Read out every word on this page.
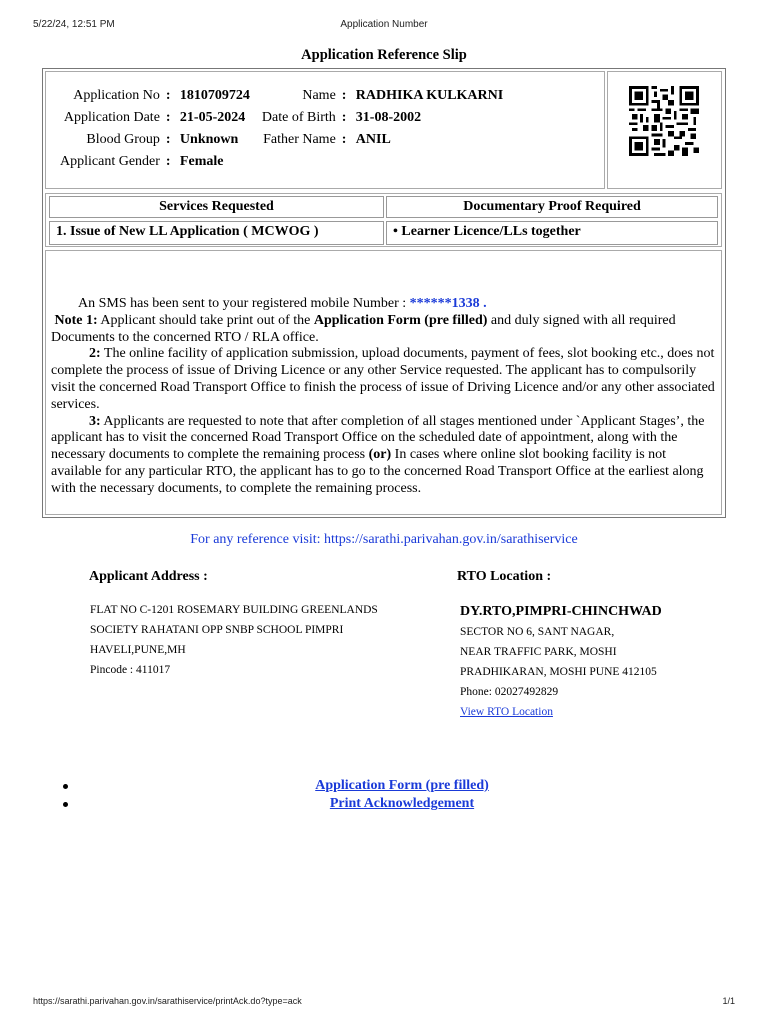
5/22/24, 12:51 PM	Application Number
Application Reference Slip
Application No	:	1810709724	Name	:	RADHIKA KULKARNI
Application Date	:	21-05-2024	Date of Birth	:	31-08-2002
Blood Group	:	Unknown	Father Name	:	ANIL
Applicant Gender	:	Female			
Services Requested	Documentary Proof Required
1. Issue of New LL Application ( MCWOG )	• Learner Licence/LLs together

An SMS has been sent to your registered mobile Number : ******1338 .

Note 1: Applicant should take print out of the Application Form (pre filled) and duly signed with all required Documents to the concerned RTO / RLA office.

2: The online facility of application submission, upload documents, payment of fees, slot booking etc., does not complete the process of issue of Driving Licence or any other Service requested. The applicant has to compulsorily visit the concerned Road Transport Office to finish the process of issue of Driving Licence and/or any other associated services.

3: Applicants are requested to note that after completion of all stages mentioned under `Applicant Stages’, the applicant has to visit the concerned Road Transport Office on the scheduled date of appointment, along with the necessary documents to complete the remaining process (or) In cases where online slot booking facility is not available for any particular RTO, the applicant has to go to the concerned Road Transport Office at the earliest along with the necessary documents, to complete the remaining process.

For any reference visit: https://sarathi.parivahan.gov.in/sarathiservice
Applicant Address :	RTO Location :
FLAT NO C-1201 ROSEMARY BUILDING GREENLANDS
SOCIETY RAHATANI OPP SNBP SCHOOL PIMPRI
HAVELI,PUNE,MH
Pincode : 411017
DY.RTO,PIMPRI-CHINCHWAD
SECTOR NO 6, SANT NAGAR,
NEAR TRAFFIC PARK, MOSHI
PRADHIKARAN, MOSHI PUNE 412105
Phone: 02027492829
View RTO Location
Application Form (pre filled)
Print Acknowledgement
https://sarathi.parivahan.gov.in/sarathiservice/printAck.do?type=ack	1/1
